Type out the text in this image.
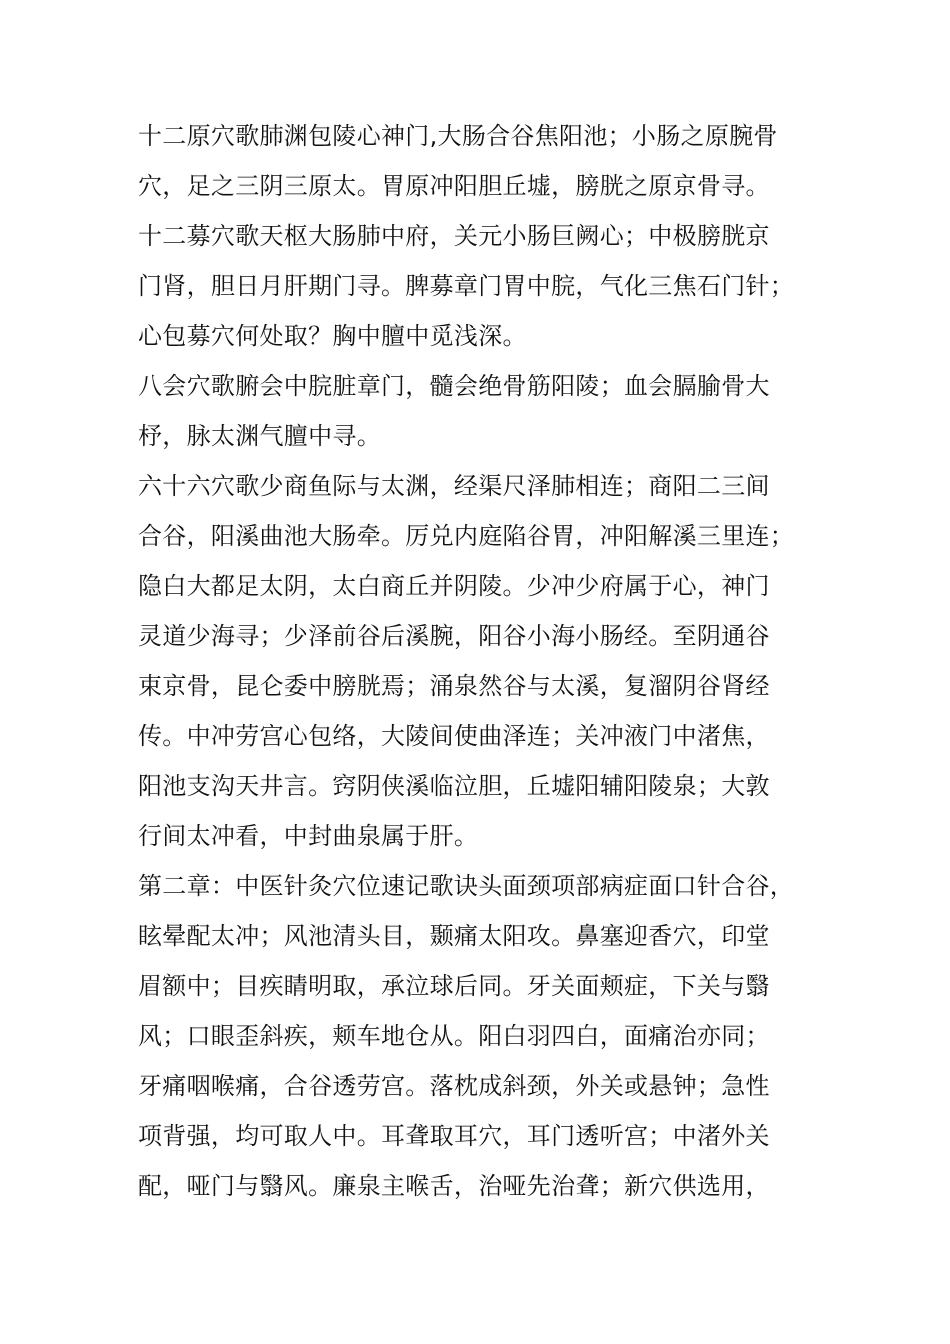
十二原穴歌肺渊包陵心神门,大肠合谷焦阳池；小肠之原腕骨
穴，足之三阴三原太。胃原冲阳胆丘墟，膀胱之原京骨寻。
十二募穴歌天枢大肠肺中府，关元小肠巨阙心；中极膀胱京
门肾，胆日月肝期门寻。脾募章门胃中脘，气化三焦石门针；
心包募穴何处取？胸中膻中觅浅深。
八会穴歌腑会中脘脏章门，髓会绝骨筋阳陵；血会膈腧骨大
杼，脉太渊气膻中寻。
六十六穴歌少商鱼际与太渊，经渠尺泽肺相连；商阳二三间
合谷，阳溪曲池大肠牵。厉兑内庭陷谷胃，冲阳解溪三里连；
隐白大都足太阴，太白商丘并阴陵。少冲少府属于心，神门
灵道少海寻；少泽前谷后溪腕，阳谷小海小肠经。至阴通谷
束京骨，昆仑委中膀胱焉；涌泉然谷与太溪，复溜阴谷肾经
传。中冲劳宫心包络，大陵间使曲泽连；关冲液门中渚焦，
阳池支沟天井言。窍阴侠溪临泣胆，丘墟阳辅阳陵泉；大敦
行间太冲看，中封曲泉属于肝。
第二章：中医针灸穴位速记歌诀头面颈项部病症面口针合谷，
眩晕配太冲；风池清头目，颞痛太阳攻。鼻塞迎香穴，印堂
眉额中；目疾睛明取，承泣球后同。牙关面颊症，下关与翳
风；口眼歪斜疾，颊车地仓从。阳白羽四白，面痛治亦同；
牙痛咽喉痛，合谷透劳宫。落枕成斜颈，外关或悬钟；急性
项背强，均可取人中。耳聋取耳穴，耳门透听宫；中渚外关
配，哑门与翳风。廉泉主喉舌，治哑先治聋；新穴供选用，
